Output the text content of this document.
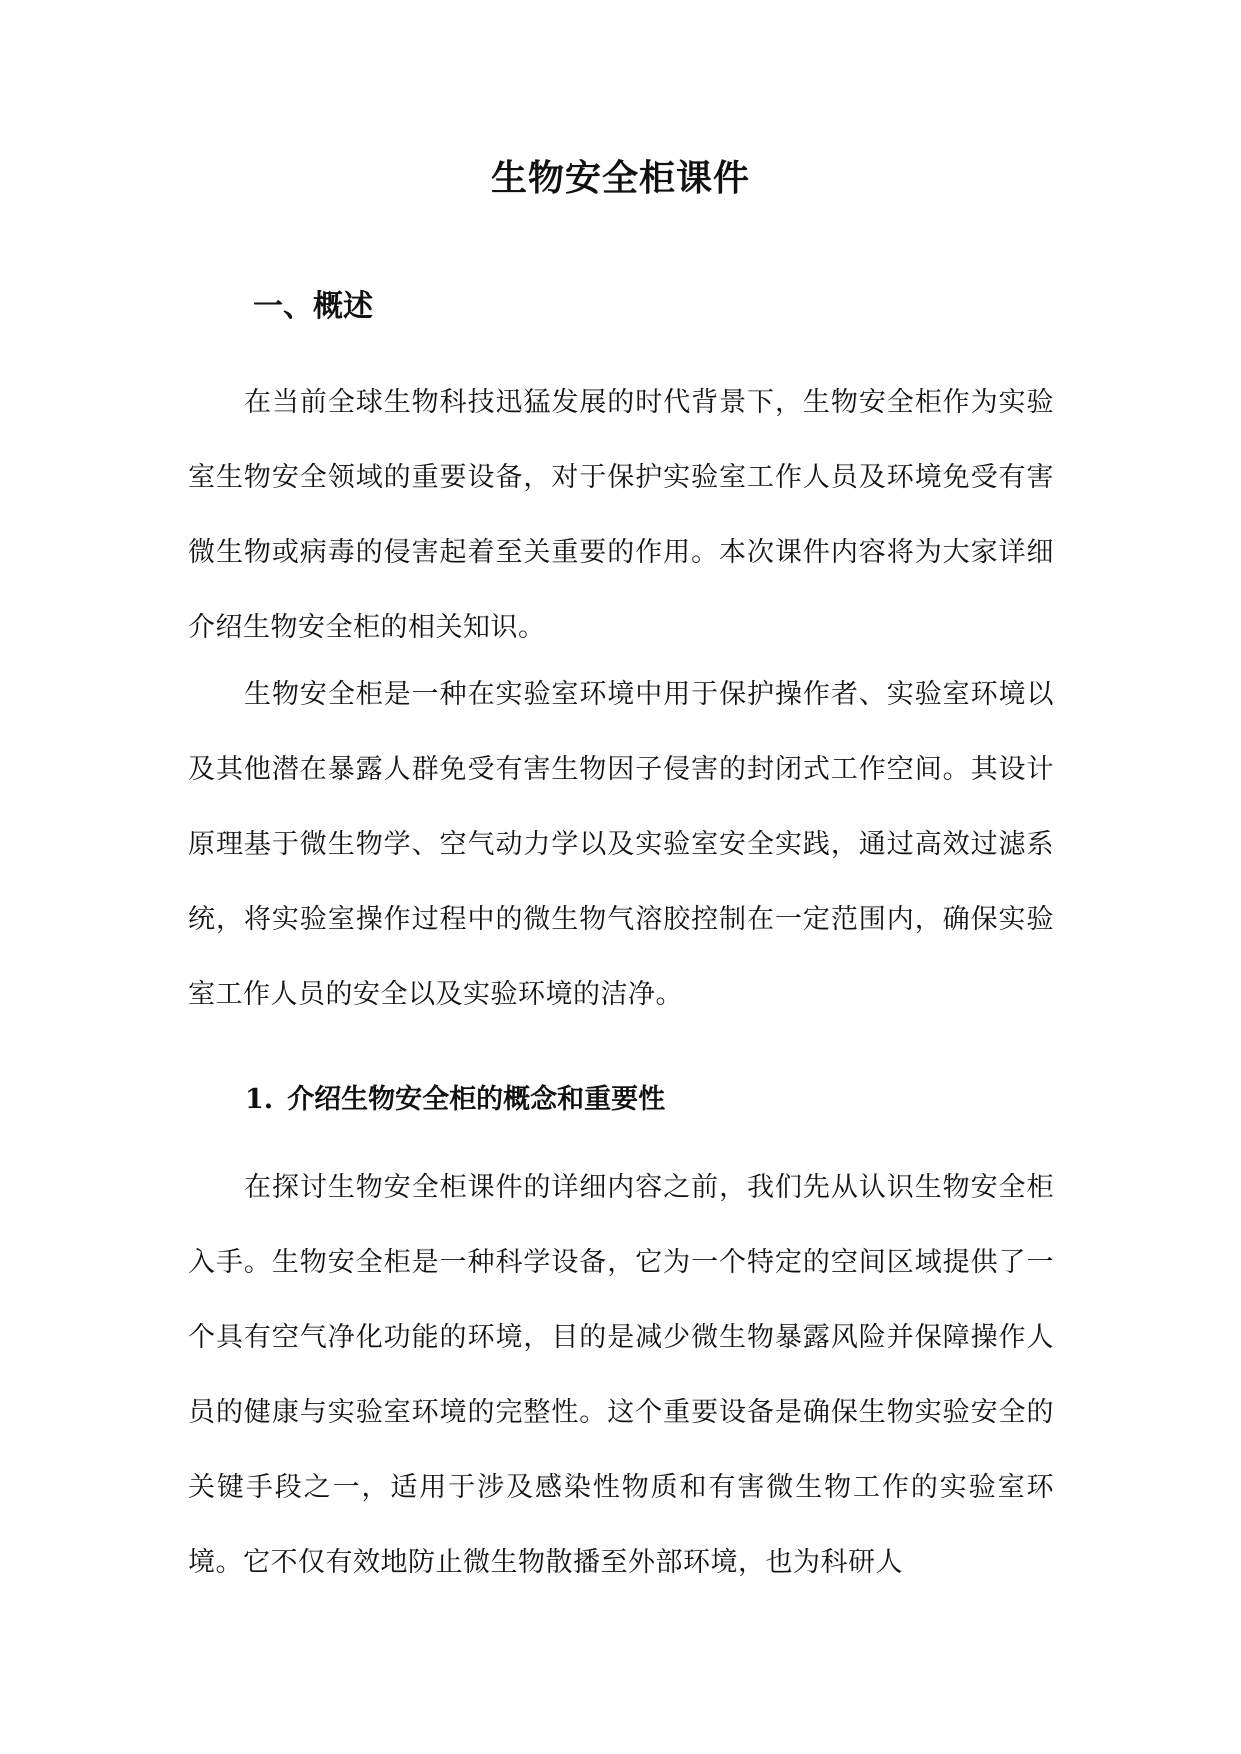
生物安全柜课件
一、概述

在当前全球生物科技迅猛发展的时代背景下，生物安全柜作为实验室生物安全领域的重要设备，对于保护实验室工作人员及环境免受有害微生物或病毒的侵害起着至关重要的作用。本次课件内容将为大家详细介绍生物安全柜的相关知识。

生物安全柜是一种在实验室环境中用于保护操作者、实验室环境以及其他潜在暴露人群免受有害生物因子侵害的封闭式工作空间。其设计原理基于微生物学、空气动力学以及实验室安全实践，通过高效过滤系统，将实验室操作过程中的微生物气溶胶控制在一定范围内，确保实验室工作人员的安全以及实验环境的洁净。

1. 介绍生物安全柜的概念和重要性

在探讨生物安全柜课件的详细内容之前，我们先从认识生物安全柜入手。生物安全柜是一种科学设备，它为一个特定的空间区域提供了一个具有空气净化功能的环境，目的是减少微生物暴露风险并保障操作人员的健康与实验室环境的完整性。这个重要设备是确保生物实验安全的关键手段之一，适用于涉及感染性物质和有害微生物工作的实验室环境。它不仅有效地防止微生物散播至外部环境，也为科研人
